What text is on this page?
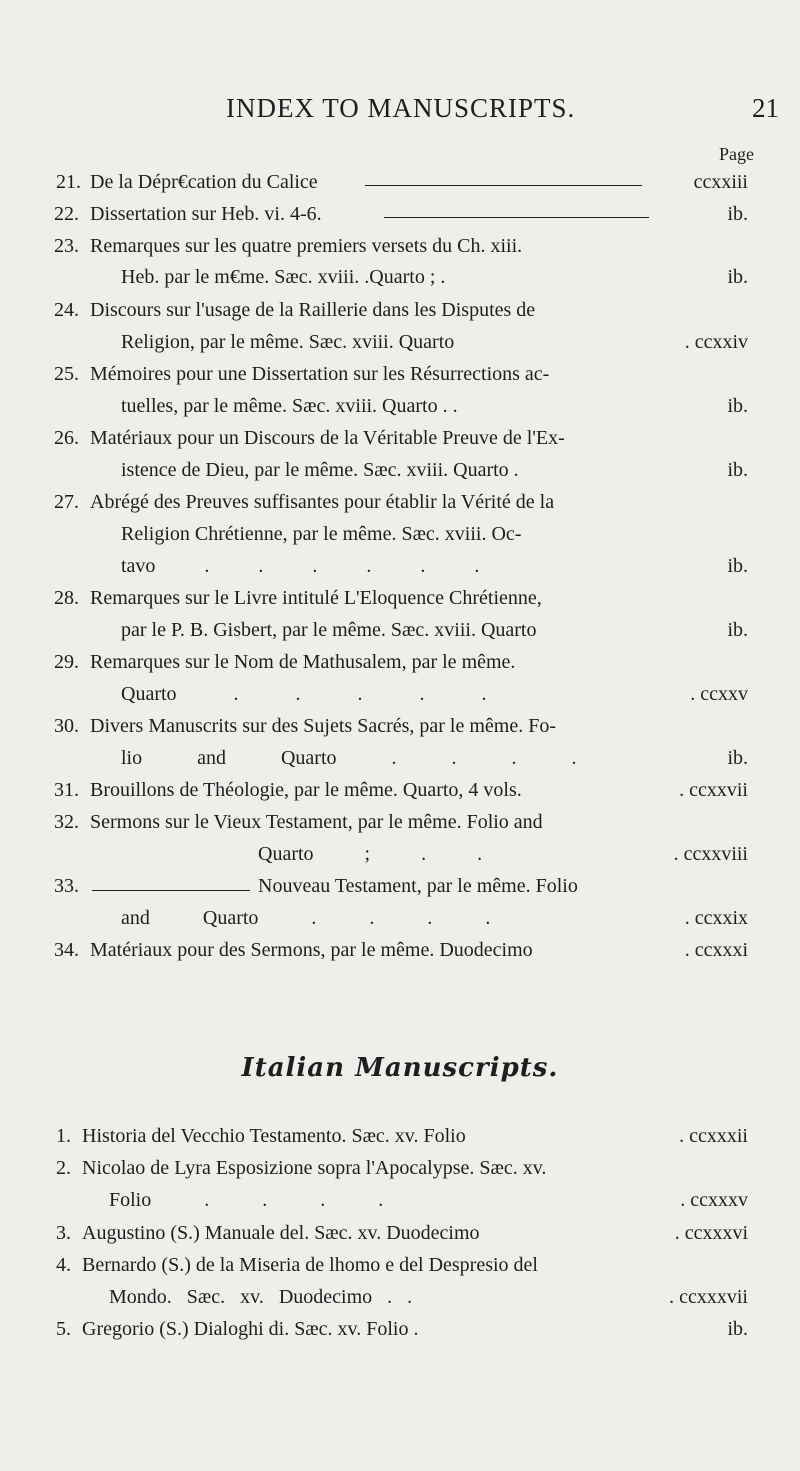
INDEX TO MANUSCRIPTS.	21
Page
21. De la Dépr€cation du Calice	ccxxiii
22. Dissertation sur Heb. vi. 4-6.	ib.
23. Remarques sur les quatre premiers versets du Ch. xiii.
Heb. par le m€me. Sæc. xviii. .Quarto ; .	ib.
24. Discours sur l'usage de la Raillerie dans les Disputes de
Religion, par le même. Sæc. xviii. Quarto	. ccxxiv
25. Mémoires pour une Dissertation sur les Résurrections ac-
tuelles, par le même. Sæc. xviii. Quarto . .	ib.
26. Matériaux pour un Discours de la Véritable Preuve de l'Ex-
istence de Dieu, par le même. Sæc. xviii. Quarto .	ib.
27. Abrégé des Preuves suffisantes pour établir la Vérité de la
Religion Chrétienne, par le même. Sæc. xviii. Oc-
tavo . . . . . .	ib.
28. Remarques sur le Livre intitulé L'Eloquence Chrétienne,
par le P. B. Gisbert, par le même. Sæc. xviii. Quarto	ib.
29. Remarques sur le Nom de Mathusalem, par le même.
Quarto . . . . .	. ccxxv
30. Divers Manuscrits sur des Sujets Sacrés, par le même. Fo-
lio and Quarto . . . .	ib.
31. Brouillons de Théologie, par le même. Quarto, 4 vols.	. ccxxvii
32. Sermons sur le Vieux Testament, par le même. Folio and
Quarto ; . .	. ccxxviii
33.	Nouveau Testament, par le même. Folio
and Quarto . . . .	. ccxxix
34. Matériaux pour des Sermons, par le même. Duodecimo	. ccxxxi
Italian Manuscripts.
1. Historia del Vecchio Testamento. Sæc. xv. Folio	. ccxxxii
2. Nicolao de Lyra Esposizione sopra l'Apocalypse. Sæc. xv.
Folio . . . .	. ccxxxv
3. Augustino (S.) Manuale del. Sæc. xv. Duodecimo	. ccxxxvi
4. Bernardo (S.) de la Miseria de lhomo e del Despresio del
Mondo. Sæc. xv. Duodecimo . .	. ccxxxvii
5. Gregorio (S.) Dialoghi di. Sæc. xv. Folio .	ib.
